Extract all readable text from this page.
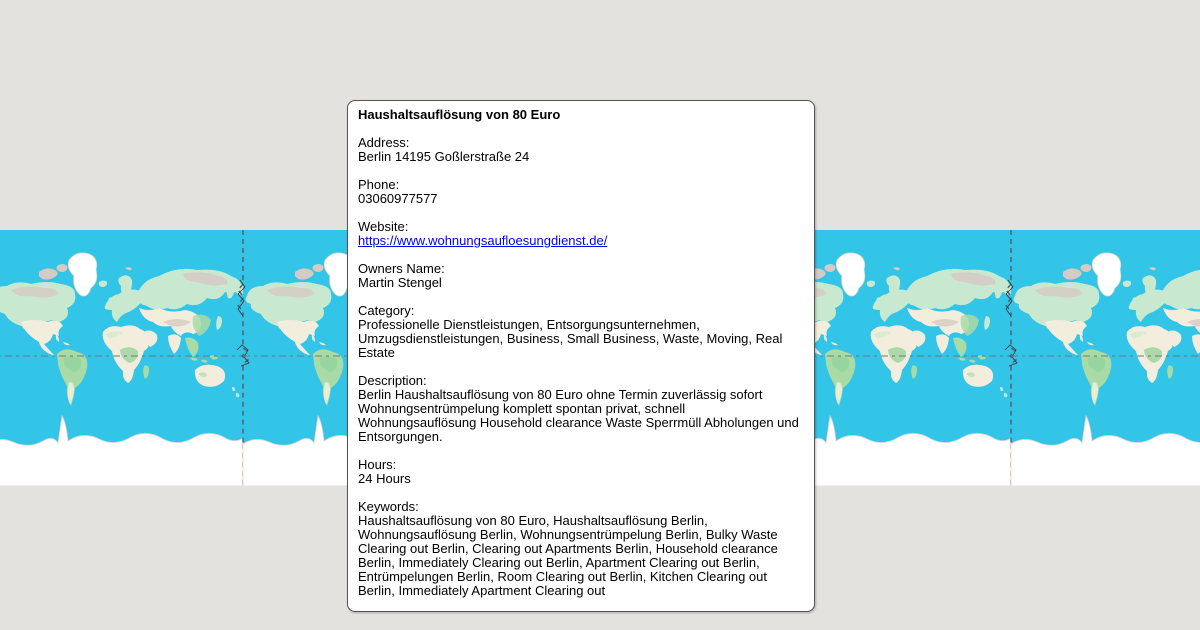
Haushaltsauflösung von 80 Euro
Address:
Berlin 14195 Goßlerstraße 24
Phone:
03060977577
Website:
https://www.wohnungsaufloesungdienst.de/
Owners Name:
Martin Stengel
Category:
Professionelle Dienstleistungen, Entsorgungsunternehmen, Umzugsdienstleistungen, Business, Small Business, Waste, Moving, Real Estate
Description:
Berlin Haushaltsauflösung von 80 Euro ohne Termin zuverlässig sofort Wohnungsentrümpelung komplett spontan privat, schnell Wohnungsauflösung Household clearance Waste Sperrmüll Abholungen und Entsorgungen.
Hours:
24 Hours
Keywords:
Haushaltsauflösung von 80 Euro, Haushaltsauflösung Berlin, Wohnungsauflösung Berlin, Wohnungsentrümpelung Berlin, Bulky Waste Clearing out Berlin, Clearing out Apartments Berlin, Household clearance Berlin, Immediately Clearing out Berlin, Apartment Clearing out Berlin, Entrümpelungen Berlin, Room Clearing out Berlin, Kitchen Clearing out Berlin, Immediately Apartment Clearing out
